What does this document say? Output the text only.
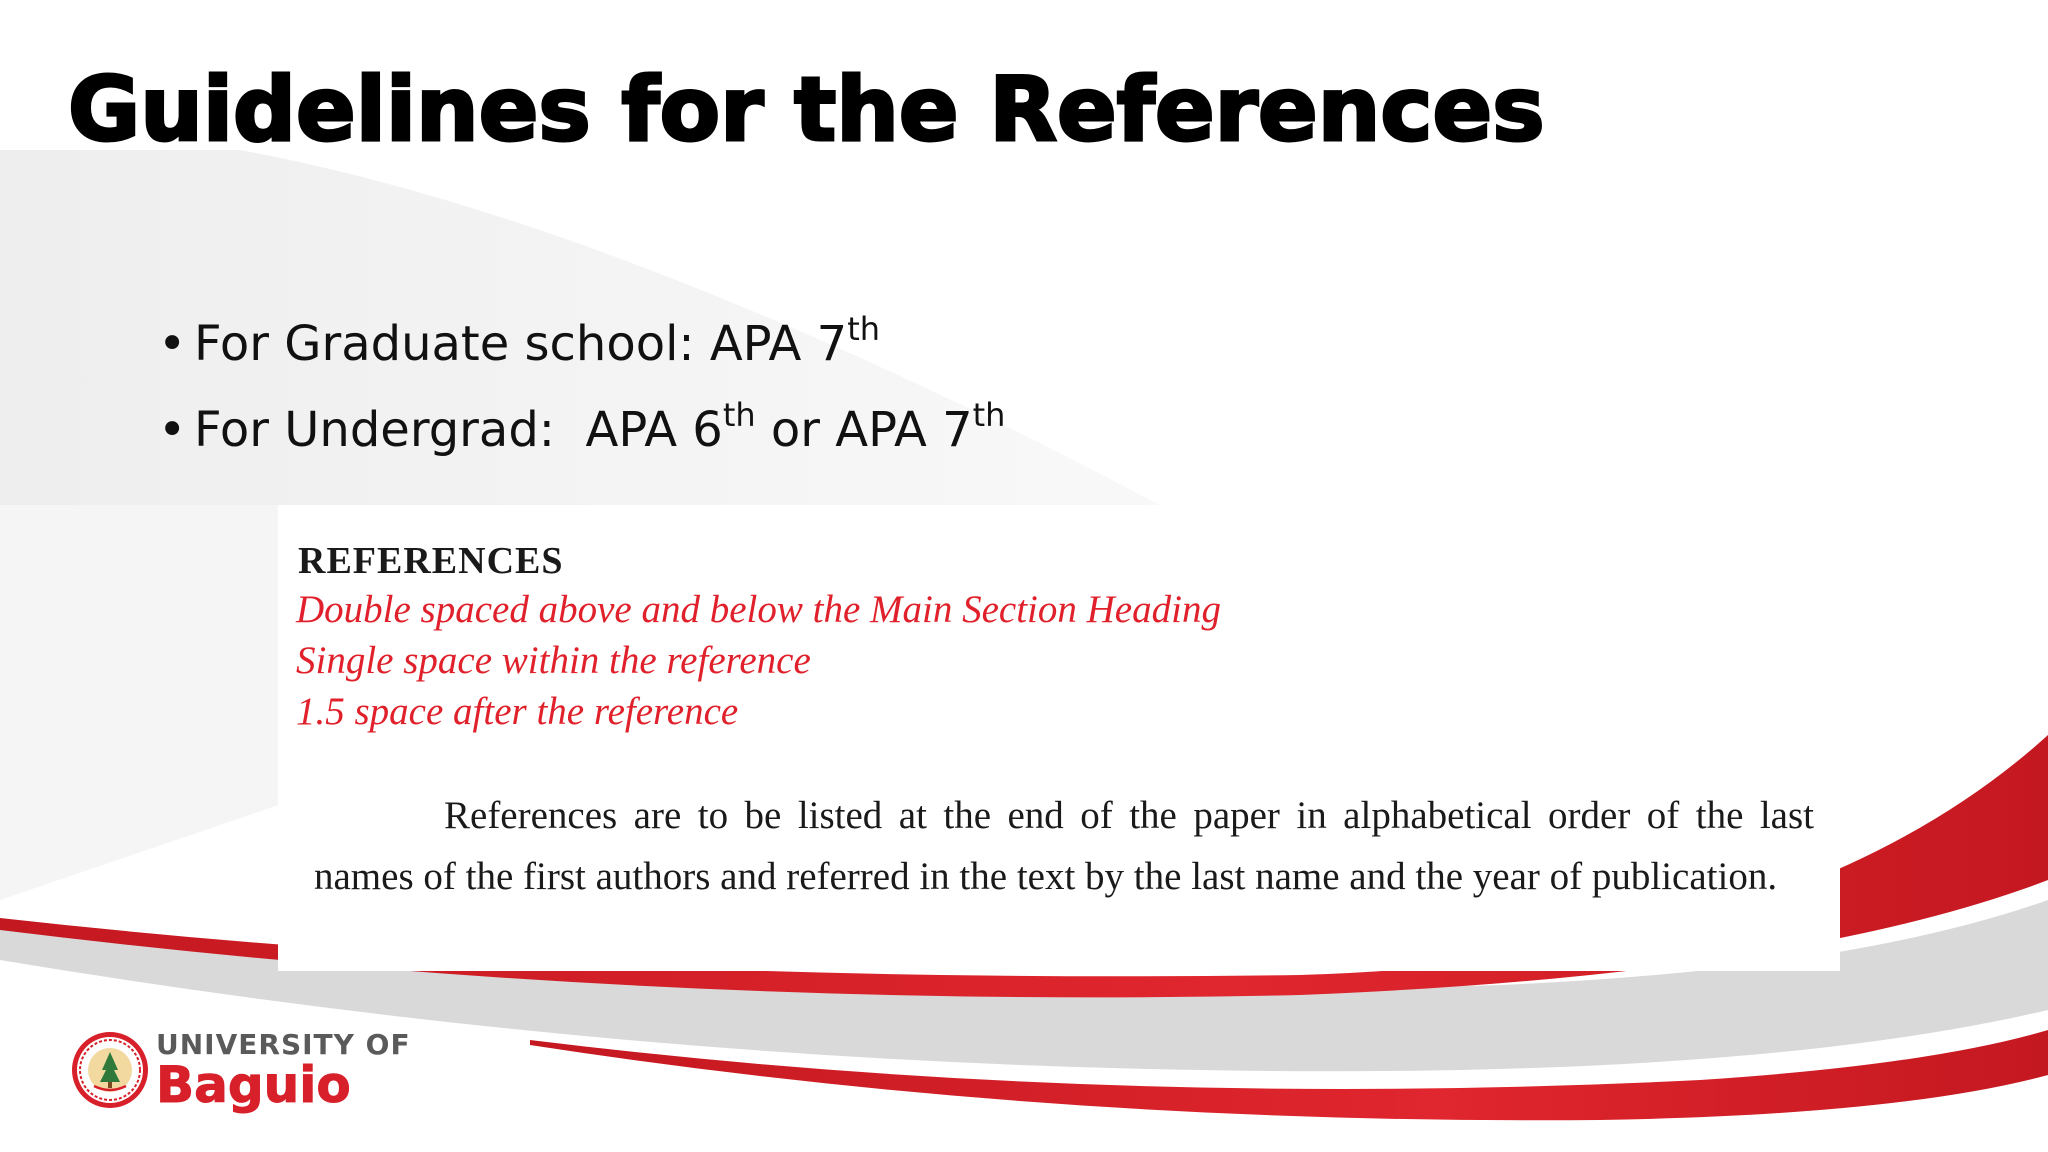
Guidelines for the References
• For Graduate school: APA 7th
• For Undergrad:  APA 6th or APA 7th
REFERENCES
Double spaced above and below the Main Section Heading
Single space within the reference
1.5 space after the reference

References are to be listed at the end of the paper in alphabetical order of the last names of the first authors and referred in the text by the last name and the year of publication.

UNIVERSITY OF
Baguio
